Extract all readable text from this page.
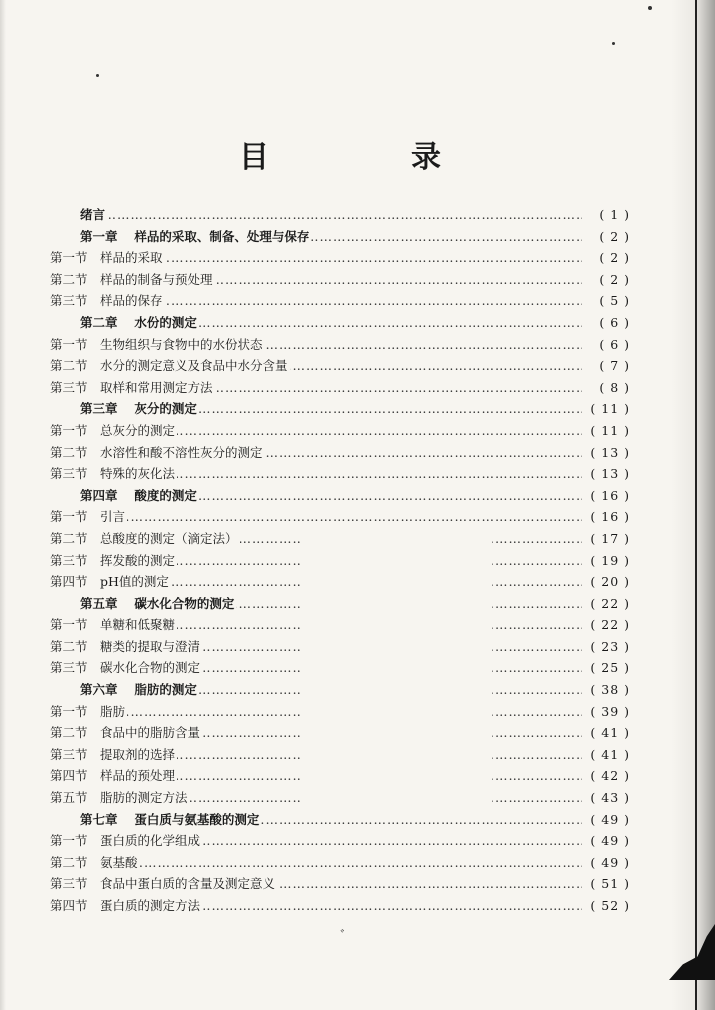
目　录
…………………………………………………………………………………………………………………………………………………………………………………………………
绪言	( 1 )
…………………………………………………………………………………………………………………………………………………………………………………………………
第一章　 样品的采取、制备、处理与保存	( 2 )
…………………………………………………………………………………………………………………………………………………………………………………………………
第一节　 样品的采取	( 2 )
…………………………………………………………………………………………………………………………………………………………………………………………………
第二节　 样品的制备与预处理	( 2 )
…………………………………………………………………………………………………………………………………………………………………………………………………
第三节　 样品的保存	( 5 )
…………………………………………………………………………………………………………………………………………………………………………………………………
第二章　 水份的测定	( 6 )
…………………………………………………………………………………………………………………………………………………………………………………………………
第一节　 生物组织与食物中的水份状态	( 6 )
…………………………………………………………………………………………………………………………………………………………………………………………………
第二节　 水分的测定意义及食品中水分含量	( 7 )
…………………………………………………………………………………………………………………………………………………………………………………………………
第三节　 取样和常用测定方法	( 8 )
…………………………………………………………………………………………………………………………………………………………………………………………………
第三章　 灰分的测定	( 11 )
…………………………………………………………………………………………………………………………………………………………………………………………………
第一节　 总灰分的测定	( 11 )
…………………………………………………………………………………………………………………………………………………………………………………………………
第二节　 水溶性和酸不溶性灰分的测定	( 13 )
…………………………………………………………………………………………………………………………………………………………………………………………………
第三节　 特殊的灰化法	( 13 )
…………………………………………………………………………………………………………………………………………………………………………………………………
第四章　 酸度的测定	( 16 )
…………………………………………………………………………………………………………………………………………………………………………………………………
第一节　 引言	( 16 )
…………………………………………………………………………………………………………………………………………………………………………………………………
第二节　 总酸度的测定（滴定法）	( 17 )
…………………………………………………………………………………………………………………………………………………………………………………………………
第三节　 挥发酸的测定	( 19 )
…………………………………………………………………………………………………………………………………………………………………………………………………
第四节　 pH值的测定	( 20 )
…………………………………………………………………………………………………………………………………………………………………………………………………
第五章　 碳水化合物的测定	( 22 )
…………………………………………………………………………………………………………………………………………………………………………………………………
第一节　 单糖和低聚糖	( 22 )
…………………………………………………………………………………………………………………………………………………………………………………………………
第二节　 糖类的提取与澄清	( 23 )
…………………………………………………………………………………………………………………………………………………………………………………………………
第三节　 碳水化合物的测定	( 25 )
…………………………………………………………………………………………………………………………………………………………………………………………………
第六章　 脂肪的测定	( 38 )
…………………………………………………………………………………………………………………………………………………………………………………………………
第一节　 脂肪	( 39 )
…………………………………………………………………………………………………………………………………………………………………………………………………
第二节　 食品中的脂肪含量	( 41 )
…………………………………………………………………………………………………………………………………………………………………………………………………
第三节　 提取剂的选择	( 41 )
…………………………………………………………………………………………………………………………………………………………………………………………………
第四节　 样品的预处理	( 42 )
…………………………………………………………………………………………………………………………………………………………………………………………………
第五节　 脂肪的测定方法	( 43 )
…………………………………………………………………………………………………………………………………………………………………………………………………
第七章　 蛋白质与氨基酸的测定	( 49 )
…………………………………………………………………………………………………………………………………………………………………………………………………
第一节　 蛋白质的化学组成	( 49 )
…………………………………………………………………………………………………………………………………………………………………………………………………
第二节　 氨基酸	( 49 )
…………………………………………………………………………………………………………………………………………………………………………………………………
第三节　 食品中蛋白质的含量及测定意义	( 51 )
…………………………………………………………………………………………………………………………………………………………………………………………………
第四节　 蛋白质的测定方法	( 52 )
ﾞ
